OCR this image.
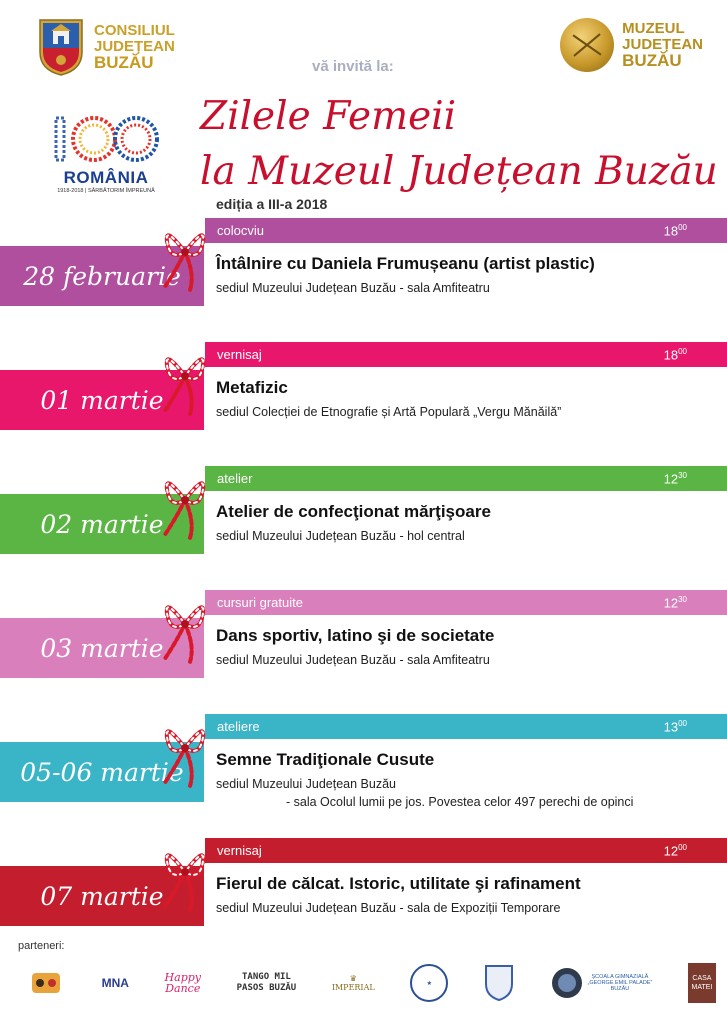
CONSILIUL
JUDEȚEAN
BUZĂU
MUZEUL
JUDEȚEAN
BUZĂU
vă invită la:
100
ROMÂNIA
1918-2018 | SĂRBĂTORIM ÎMPREUNĂ
Zilele Femeii
la Muzeul Județean Buzău
ediția a III-a 2018
colocviu	$18^{00}$
28 februarie	Întâlnire cu Daniela Frumușeanu (artist plastic)
sediul Muzeului Județean Buzău - sala Amfiteatru
vernisaj	$18^{00}$
01 martie	Metafizic
sediul Colecției de Etnografie și Artă Populară „Vergu Mănăilă”
atelier	$12^{30}$
02 martie	Atelier de confecţionat mărţişoare
sediul Muzeului Județean Buzău - hol central
cursuri gratuite	$12^{30}$
03 martie	Dans sportiv, latino şi de societate
sediul Muzeului Județean Buzău - sala Amfiteatru
ateliere	$13^{00}$
05-06 martie	Semne Tradiţionale Cusute
sediul Muzeului Județean Buzău
- sala Ocolul lumii pe jos. Povestea celor 497 perechi de opinci
vernisaj	$12^{00}$
07 martie	Fierul de călcat. Istoric, utilitate şi rafinament
sediul Muzeului Județean Buzău - sala de Expoziții Temporare
parteneri:
MNA	Happy
Dance
TANGO MIL
PASOS BUZĂU
♛
IMPERIAL	★
ȘCOALA GIMNAZIALĂ
„GEORGE EMIL PALADE”
BUZĂU
CASA
MATEI
